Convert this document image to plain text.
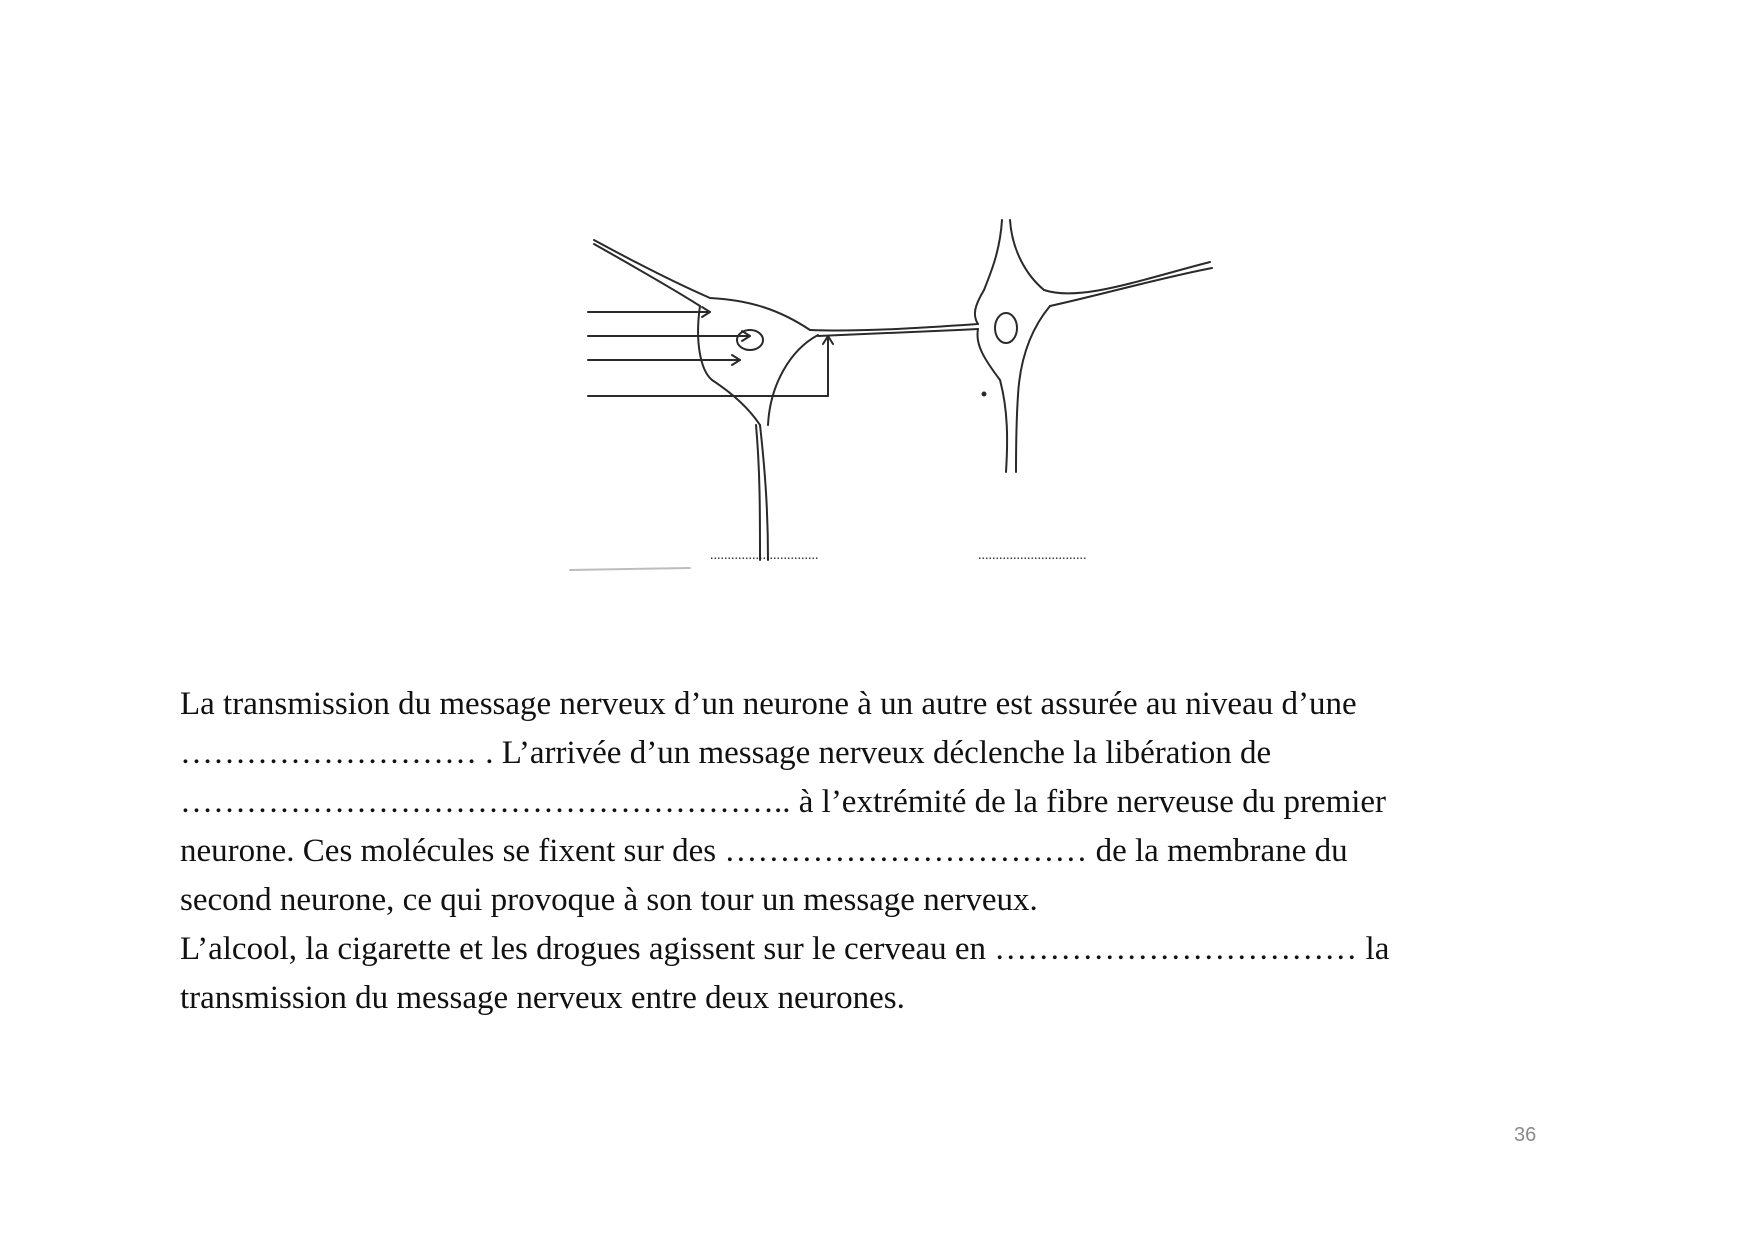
...............................	...............................

La transmission du message nerveux d’un neurone à un autre est assurée au niveau d’une

……………………… . L’arrivée d’un message nerveux déclenche la libération de

……………………………………………….. à l’extrémité de la fibre nerveuse du premier

neurone. Ces molécules se fixent sur des …………………………… de la membrane du

second neurone, ce qui provoque à son tour un message nerveux.

L’alcool, la cigarette et les drogues agissent sur le cerveau en …………………………… la

transmission du message nerveux entre deux neurones.

36
